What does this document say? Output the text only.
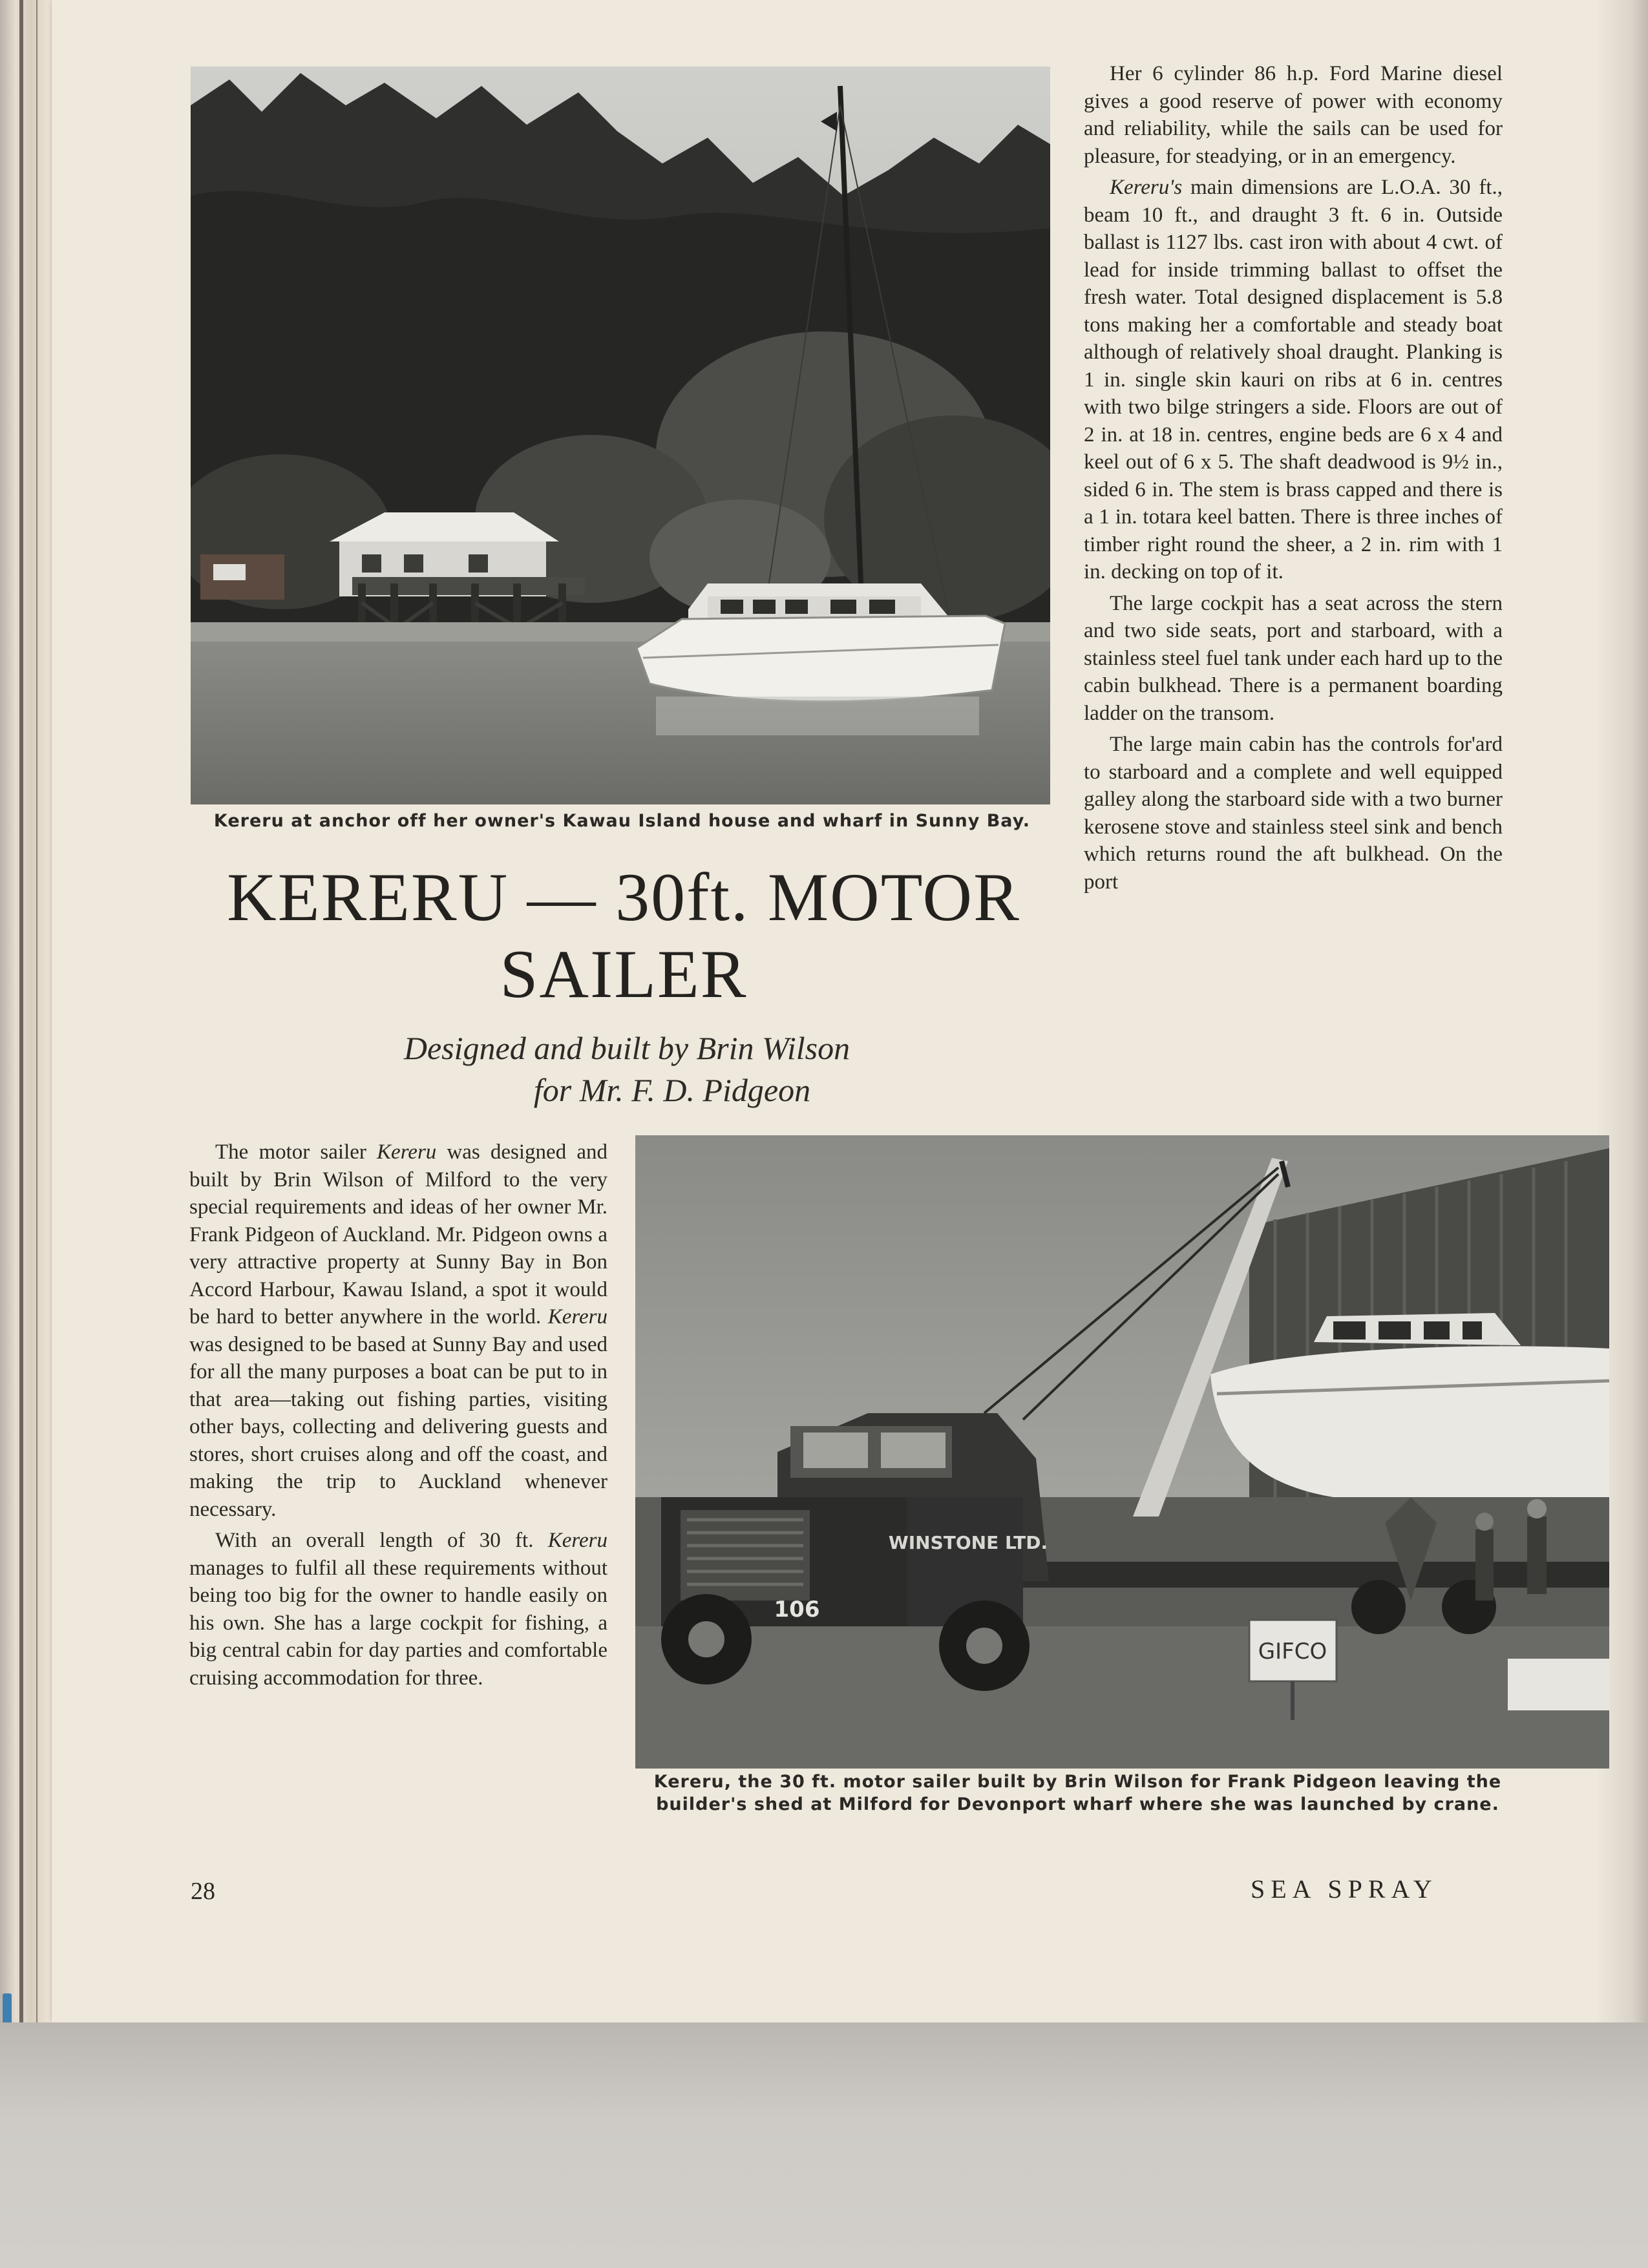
Kereru at anchor off her owner's Kawau Island house and wharf in Sunny Bay.
KERERU — 30ft. MOTOR
SAILER
Designed and built by Brin Wilson
for Mr. F. D. Pidgeon

The motor sailer Kereru was designed and built by Brin Wilson of Milford to the very special requirements and ideas of her owner Mr. Frank Pidgeon of Auckland. Mr. Pidgeon owns a very attractive property at Sunny Bay in Bon Accord Harbour, Kawau Island, a spot it would be hard to better anywhere in the world. Kereru was designed to be based at Sunny Bay and used for all the many purposes a boat can be put to in that area—taking out fishing parties, visiting other bays, collecting and delivering guests and stores, short cruises along and off the coast, and making the trip to Auckland whenever necessary.

With an overall length of 30 ft. Kereru manages to fulfil all these requirements without being too big for the owner to handle easily on his own. She has a large cockpit for fishing, a big central cabin for day parties and comfortable cruising accommodation for three.

Her 6 cylinder 86 h.p. Ford Marine diesel gives a good reserve of power with economy and reliability, while the sails can be used for pleasure, for steadying, or in an emergency.

Kereru's main dimensions are L.O.A. 30 ft., beam 10 ft., and draught 3 ft. 6 in. Outside ballast is 1127 lbs. cast iron with about 4 cwt. of lead for inside trimming ballast to offset the fresh water. Total designed displacement is 5.8 tons making her a comfortable and steady boat although of relatively shoal draught. Planking is 1 in. single skin kauri on ribs at 6 in. centres with two bilge stringers a side. Floors are out of 2 in. at 18 in. centres, engine beds are 6 x 4 and keel out of 6 x 5. The shaft deadwood is 9½ in., sided 6 in. The stem is brass capped and there is a 1 in. totara keel batten. There is three inches of timber right round the sheer, a 2 in. rim with 1 in. decking on top of it.

The large cockpit has a seat across the stern and two side seats, port and starboard, with a stainless steel fuel tank under each hard up to the cabin bulkhead. There is a permanent boarding ladder on the transom.

The large main cabin has the controls for'ard to starboard and a complete and well equipped galley along the starboard side with a two burner kerosene stove and stainless steel sink and bench which returns round the aft bulkhead. On the port

WINSTONE LTD.
106
GIFCO
Kereru, the 30 ft. motor sailer built by Brin Wilson for Frank Pidgeon leaving the builder's shed at Milford for Devonport wharf where she was launched by crane.
28	SEA SPRAY
